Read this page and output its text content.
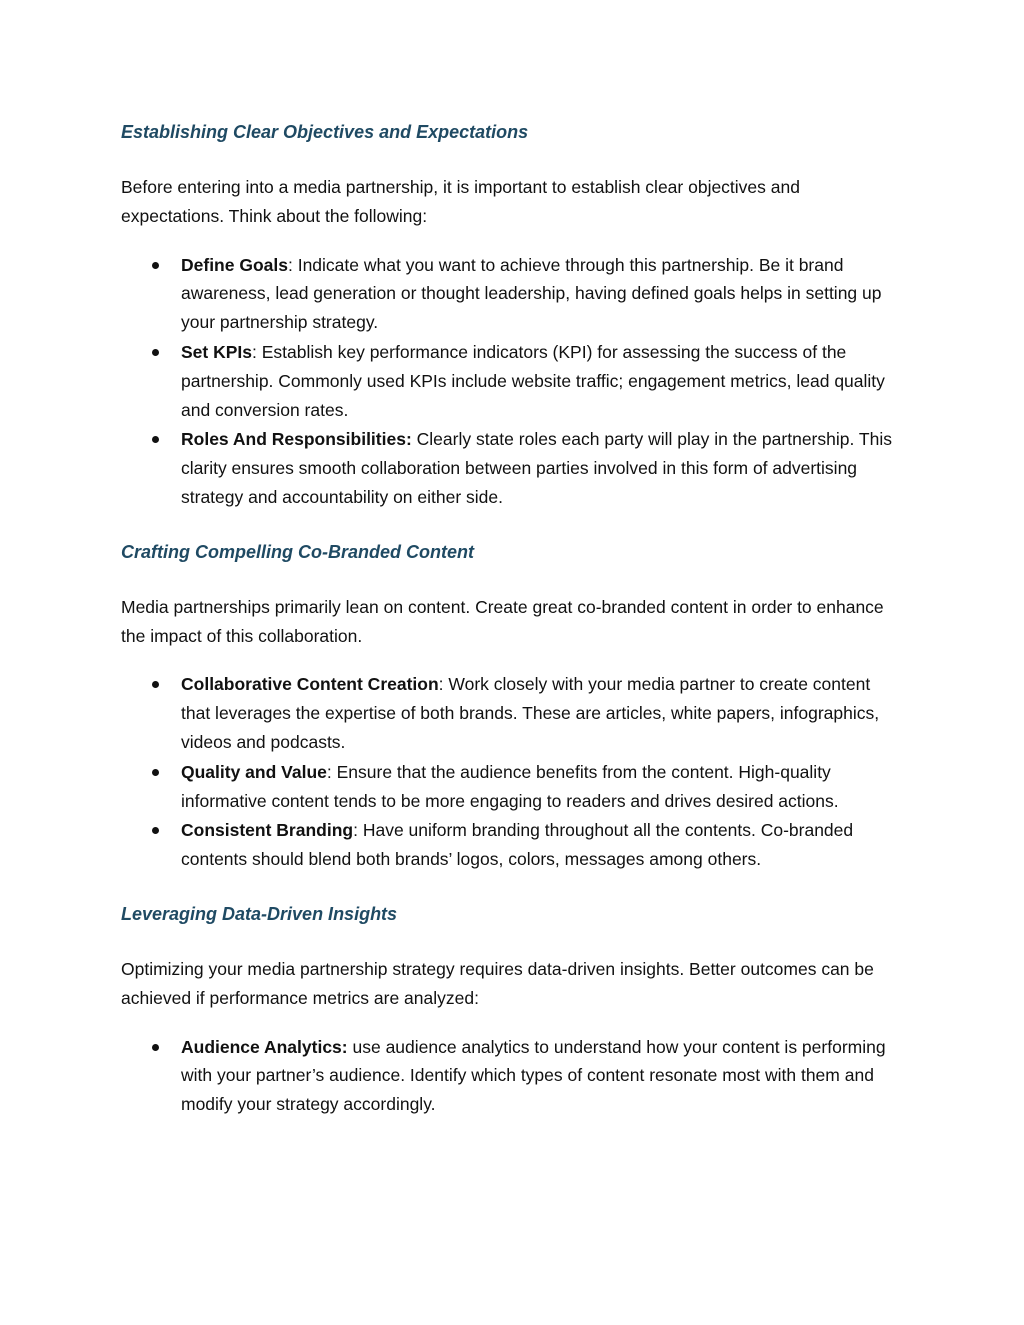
Establishing Clear Objectives and Expectations

Before entering into a media partnership, it is important to establish clear objectives and expectations. Think about the following:

Define Goals: Indicate what you want to achieve through this partnership. Be it brand awareness, lead generation or thought leadership, having defined goals helps in setting up your partnership strategy.
Set KPIs: Establish key performance indicators (KPI) for assessing the success of the partnership. Commonly used KPIs include website traffic; engagement metrics, lead quality and conversion rates.
Roles And Responsibilities: Clearly state roles each party will play in the partnership. This clarity ensures smooth collaboration between parties involved in this form of advertising strategy and accountability on either side.
Crafting Compelling Co-Branded Content

Media partnerships primarily lean on content. Create great co-branded content in order to enhance the impact of this collaboration.

Collaborative Content Creation: Work closely with your media partner to create content that leverages the expertise of both brands. These are articles, white papers, infographics, videos and podcasts.
Quality and Value: Ensure that the audience benefits from the content. High-quality informative content tends to be more engaging to readers and drives desired actions.
Consistent Branding: Have uniform branding throughout all the contents. Co-branded contents should blend both brands’ logos, colors, messages among others.
Leveraging Data-Driven Insights

Optimizing your media partnership strategy requires data-driven insights. Better outcomes can be achieved if performance metrics are analyzed:

Audience Analytics: use audience analytics to understand how your content is performing with your partner’s audience. Identify which types of content resonate most with them and modify your strategy accordingly.
